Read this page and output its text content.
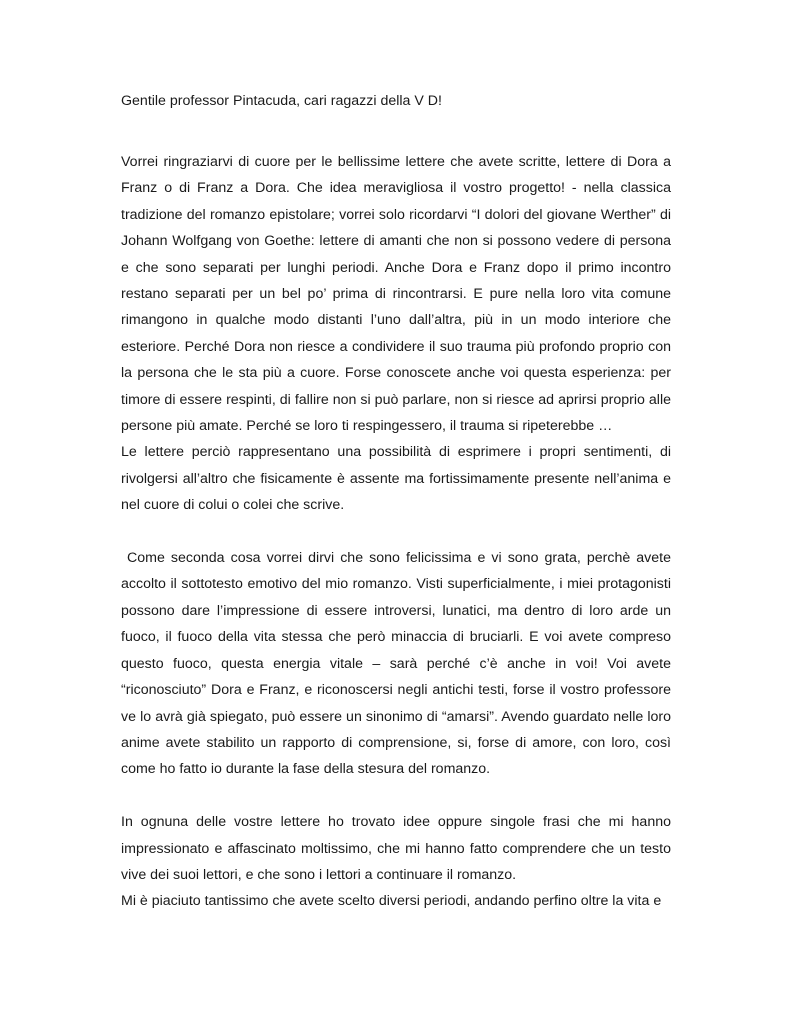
Gentile professor Pintacuda, cari ragazzi della V D!

Vorrei ringraziarvi di cuore per le bellissime lettere che avete scritte, lettere di Dora a Franz o di Franz a Dora. Che idea meravigliosa il vostro progetto! - nella classica tradizione del romanzo epistolare; vorrei solo ricordarvi “I dolori del giovane Werther” di Johann Wolfgang von Goethe: lettere di amanti che non si possono vedere di persona e che sono separati per lunghi periodi. Anche Dora e Franz dopo il primo incontro restano separati per un bel po’ prima di rincontrarsi. E pure nella loro vita comune rimangono in qualche modo distanti l’uno dall’altra, più in un modo interiore che esteriore. Perché Dora non riesce a condividere il suo trauma più profondo proprio con la persona che le sta più a cuore. Forse conoscete anche voi questa esperienza: per timore di essere respinti, di fallire non si può parlare, non si riesce ad aprirsi proprio alle persone più amate. Perché se loro ti respingessero, il trauma si ripeterebbe …

Le lettere perciò rappresentano una possibilità di esprimere i propri sentimenti, di rivolgersi all’altro che fisicamente è assente ma fortissimamente presente nell’anima e nel cuore di colui o colei che scrive.

Come seconda cosa vorrei dirvi che sono felicissima e vi sono grata, perchè avete accolto il sottotesto emotivo del mio romanzo. Visti superficialmente, i miei protagonisti possono dare l’impressione di essere introversi, lunatici, ma dentro di loro arde un fuoco, il fuoco della vita stessa che però minaccia di bruciarli. E voi avete compreso questo fuoco, questa energia vitale – sarà perché c’è anche in voi! Voi avete “riconosciuto” Dora e Franz, e riconoscersi negli antichi testi, forse il vostro professore ve lo avrà già spiegato, può essere un sinonimo di “amarsi”. Avendo guardato nelle loro anime avete stabilito un rapporto di comprensione, si, forse di amore, con loro, così come ho fatto io durante la fase della stesura del romanzo.

In ognuna delle vostre lettere ho trovato idee oppure singole frasi che mi hanno impressionato e affascinato moltissimo, che mi hanno fatto comprendere che un testo vive dei suoi lettori, e che sono i lettori a continuare il romanzo.

Mi è piaciuto tantissimo che avete scelto diversi periodi, andando perfino oltre la vita e
